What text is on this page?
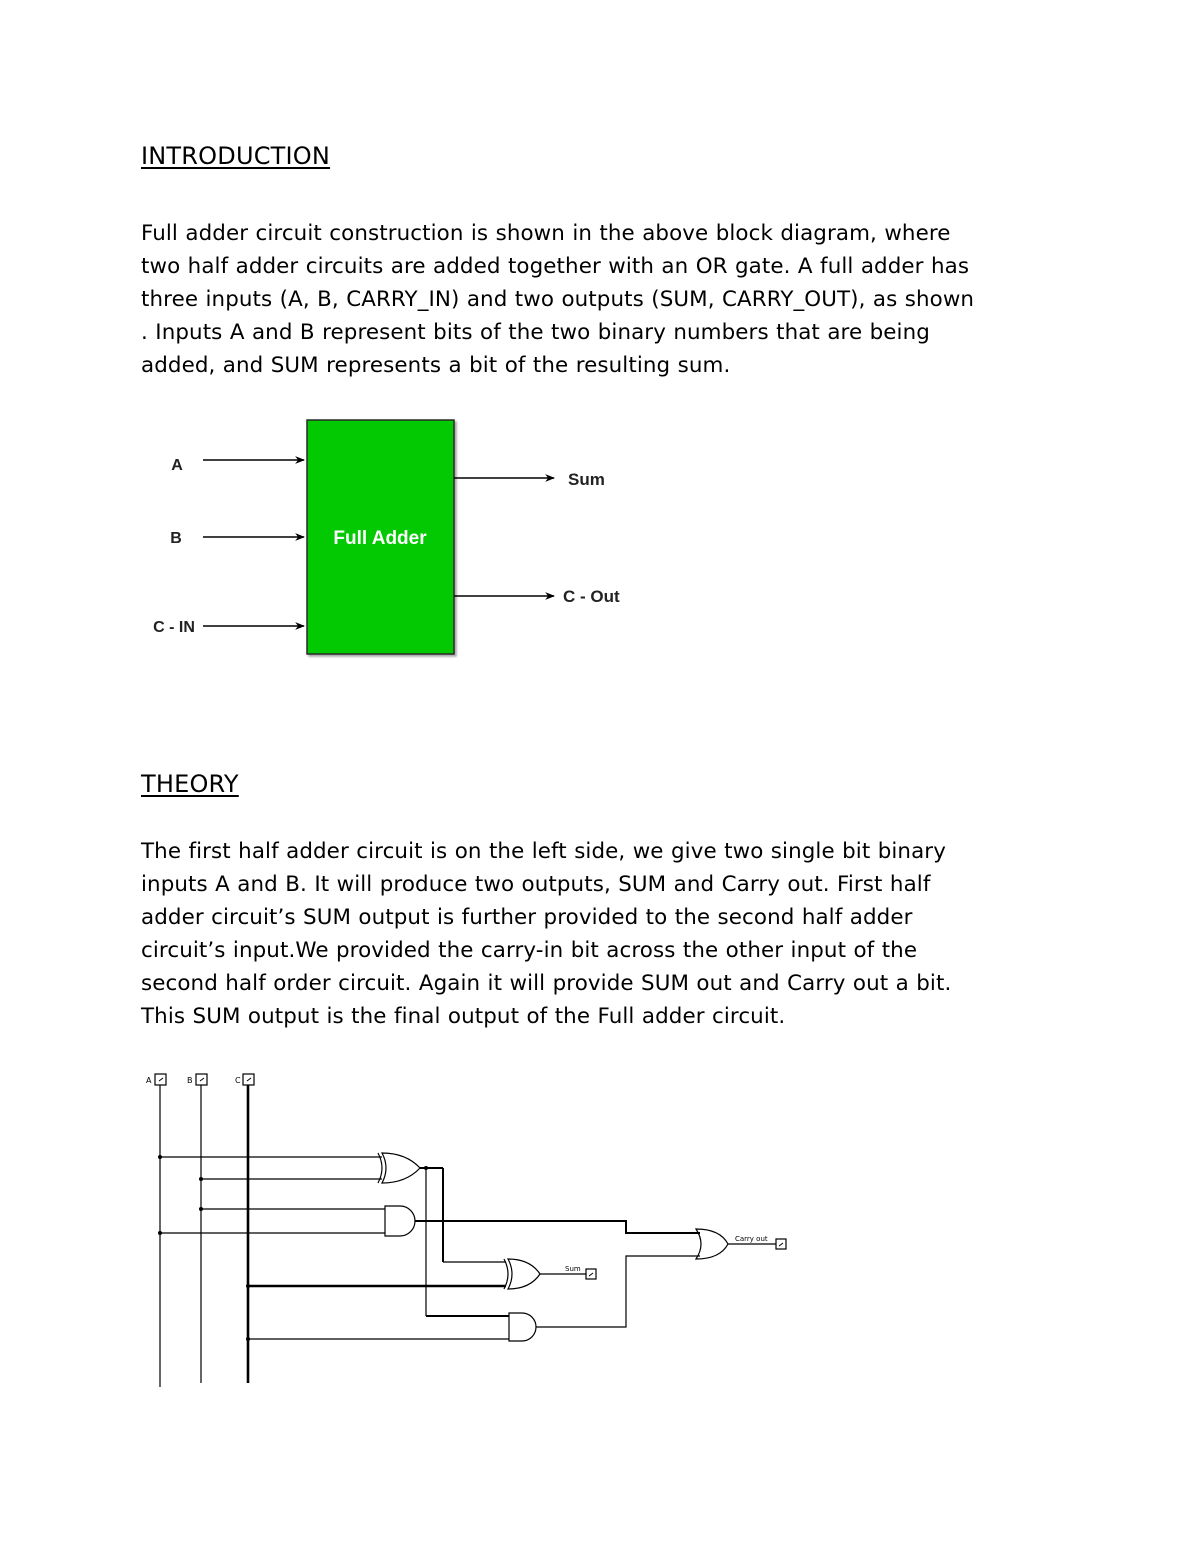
INTRODUCTION

Full adder circuit construction is shown in the above block diagram, where
two half adder circuits are added together with an OR gate. A full adder has
three inputs (A, B, CARRY_IN) and two outputs (SUM, CARRY_OUT), as shown
. Inputs A and B represent bits of the two binary numbers that are being
added, and SUM represents a bit of the resulting sum.

Full Adder
A
B
C - IN
Sum
C - Out
THEORY

The first half adder circuit is on the left side, we give two single bit binary
inputs A and B. It will produce two outputs, SUM and Carry out. First half
adder circuit’s SUM output is further provided to the second half adder
circuit’s input.We provided the carry-in bit across the other input of the
second half order circuit. Again it will provide SUM out and Carry out a bit.
This SUM output is the final output of the Full adder circuit.

A	B	C
Sum
Carry out
